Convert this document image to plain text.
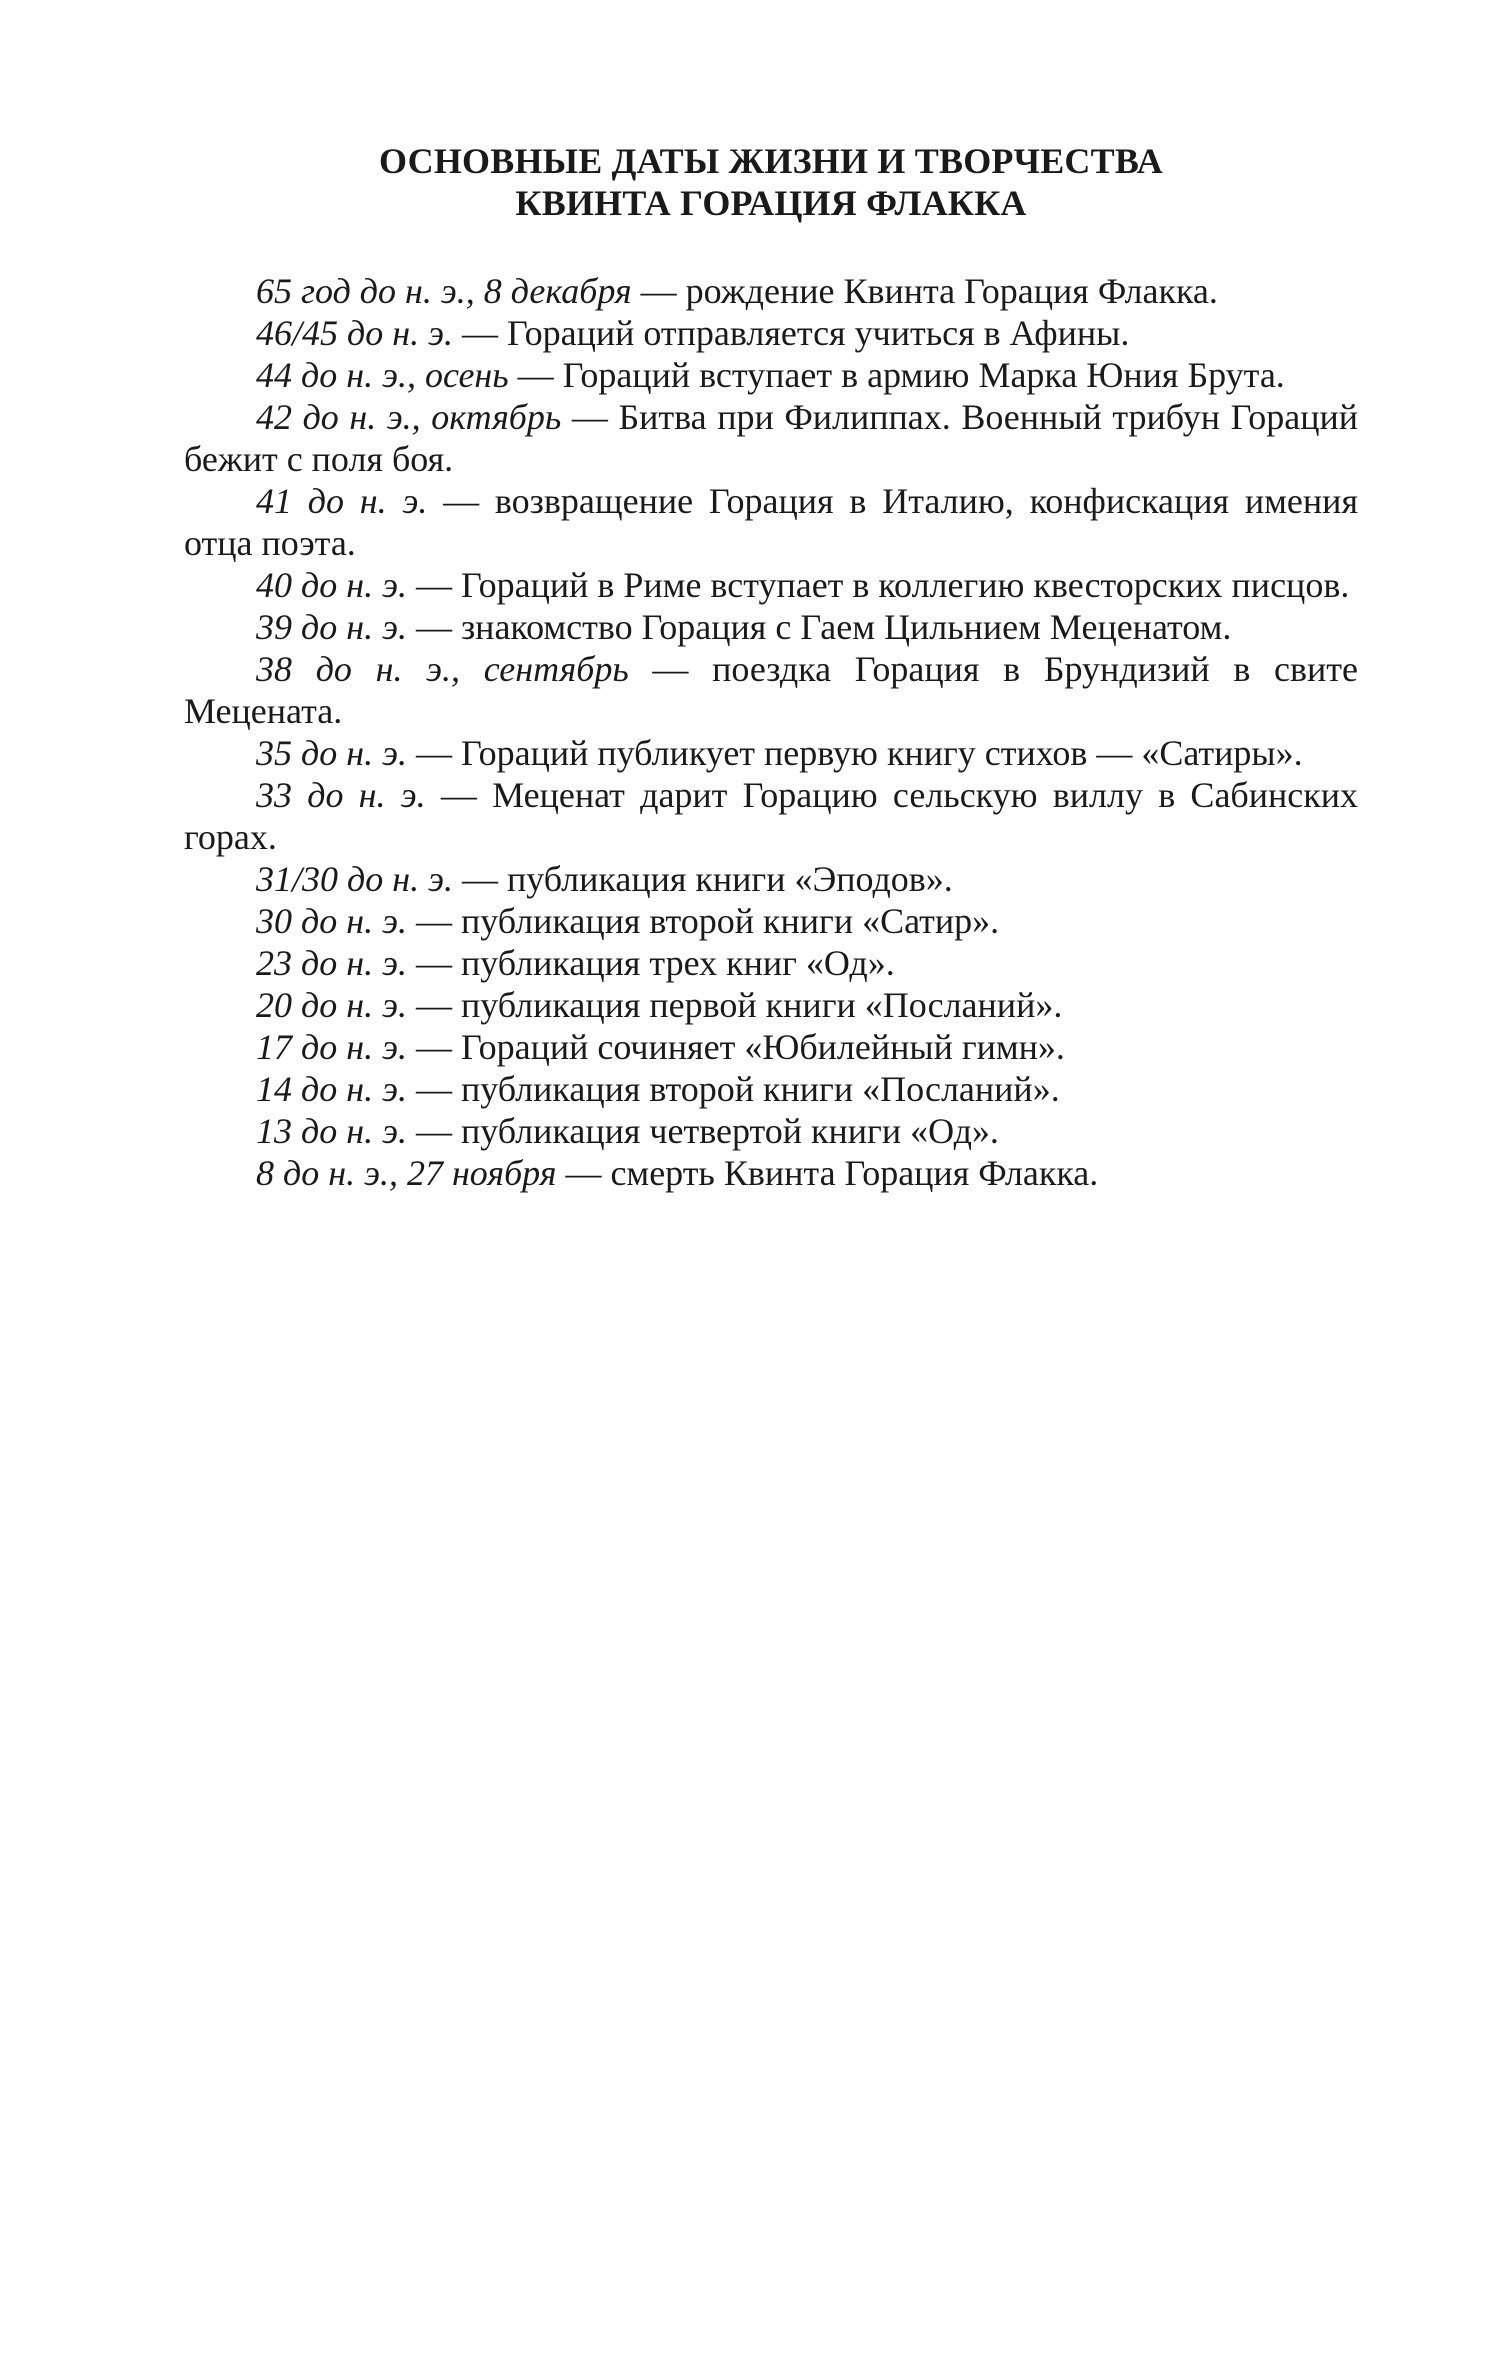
ОСНОВНЫЕ ДАТЫ ЖИЗНИ И ТВОРЧЕСТВА
КВИНТА ГОРАЦИЯ ФЛАККА

65 год до н. э., 8 декабря — рождение Квинта Горация Флакка.

46/45 до н. э. — Гораций отправляется учиться в Афины.

44 до н. э., осень — Гораций вступает в армию Марка Юния Брута.

42 до н. э., октябрь — Битва при Филиппах. Военный трибун Гораций бежит с поля боя.

41 до н. э. — возвращение Горация в Италию, конфискация имения отца поэта.

40 до н. э. — Гораций в Риме вступает в коллегию квесторских писцов.

39 до н. э. — знакомство Горация с Гаем Цильнием Меценатом.

38 до н. э., сентябрь — поездка Горация в Брундизий в свите Мецената.

35 до н. э. — Гораций публикует первую книгу стихов — «Сатиры».

33 до н. э. — Меценат дарит Горацию сельскую виллу в Сабинских горах.

31/30 до н. э. — публикация книги «Эподов».

30 до н. э. — публикация второй книги «Сатир».

23 до н. э. — публикация трех книг «Од».

20 до н. э. — публикация первой книги «Посланий».

17 до н. э. — Гораций сочиняет «Юбилейный гимн».

14 до н. э. — публикация второй книги «Посланий».

13 до н. э. — публикация четвертой книги «Од».

8 до н. э., 27 ноября — смерть Квинта Горация Флакка.
